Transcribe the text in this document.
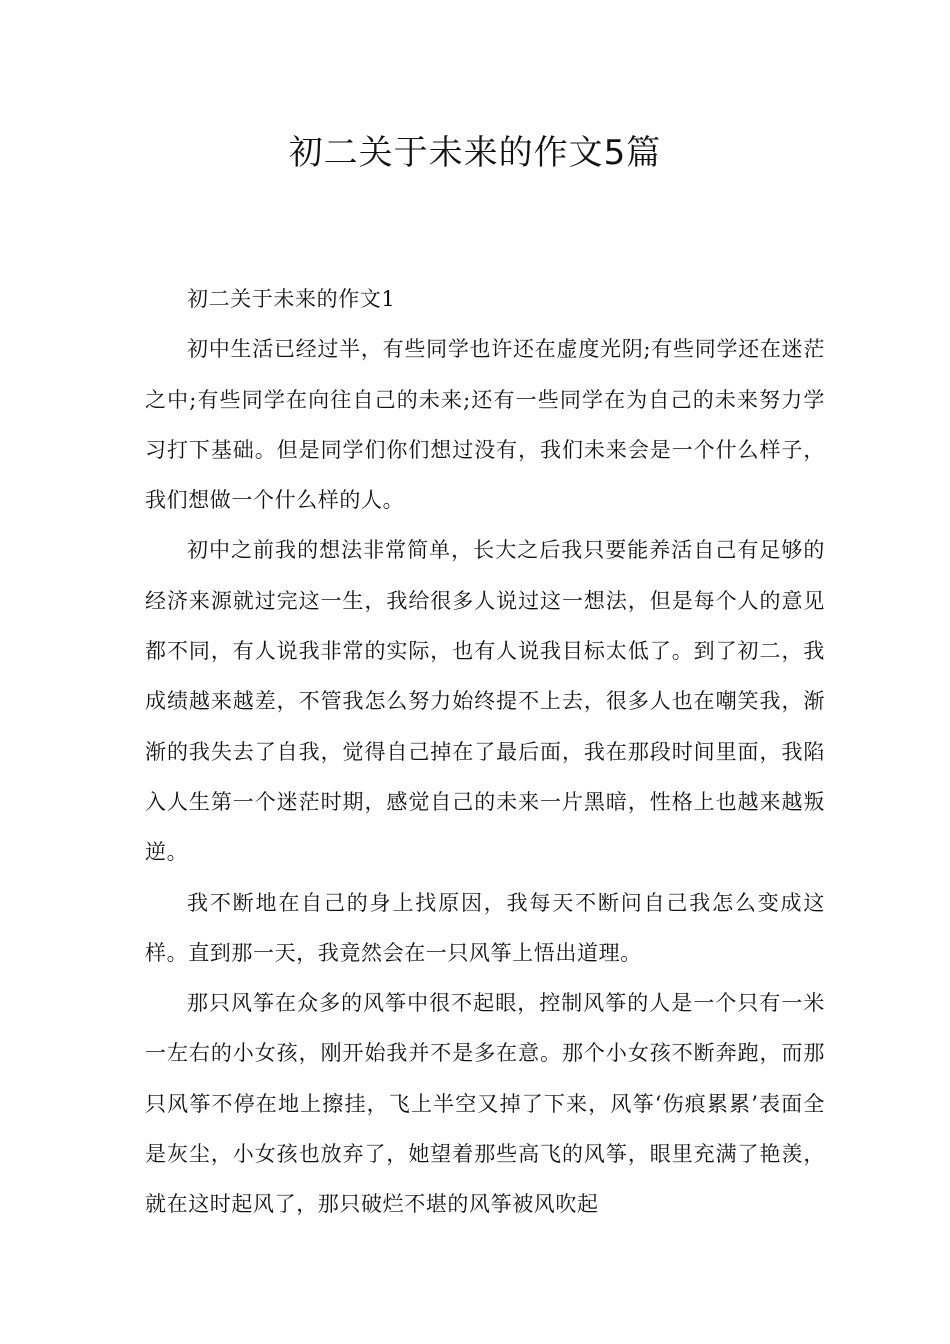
初二关于未来的作文5篇

初二关于未来的作文1

初中生活已经过半，有些同学也许还在虚度光阴;有些同学还在迷茫之中;有些同学在向往自己的未来;还有一些同学在为自己的未来努力学习打下基础。但是同学们你们想过没有，我们未来会是一个什么样子，我们想做一个什么样的人。

初中之前我的想法非常简单，长大之后我只要能养活自己有足够的经济来源就过完这一生，我给很多人说过这一想法，但是每个人的意见都不同，有人说我非常的实际，也有人说我目标太低了。到了初二，我成绩越来越差，不管我怎么努力始终提不上去，很多人也在嘲笑我，渐渐的我失去了自我，觉得自己掉在了最后面，我在那段时间里面，我陷入人生第一个迷茫时期，感觉自己的未来一片黑暗，性格上也越来越叛逆。

我不断地在自己的身上找原因，我每天不断问自己我怎么变成这样。直到那一天，我竟然会在一只风筝上悟出道理。

那只风筝在众多的风筝中很不起眼，控制风筝的人是一个只有一米一左右的小女孩，刚开始我并不是多在意。那个小女孩不断奔跑，而那只风筝不停在地上擦挂，飞上半空又掉了下来，风筝‘伤痕累累’表面全是灰尘，小女孩也放弃了，她望着那些高飞的风筝，眼里充满了艳羡，就在这时起风了，那只破烂不堪的风筝被风吹起
